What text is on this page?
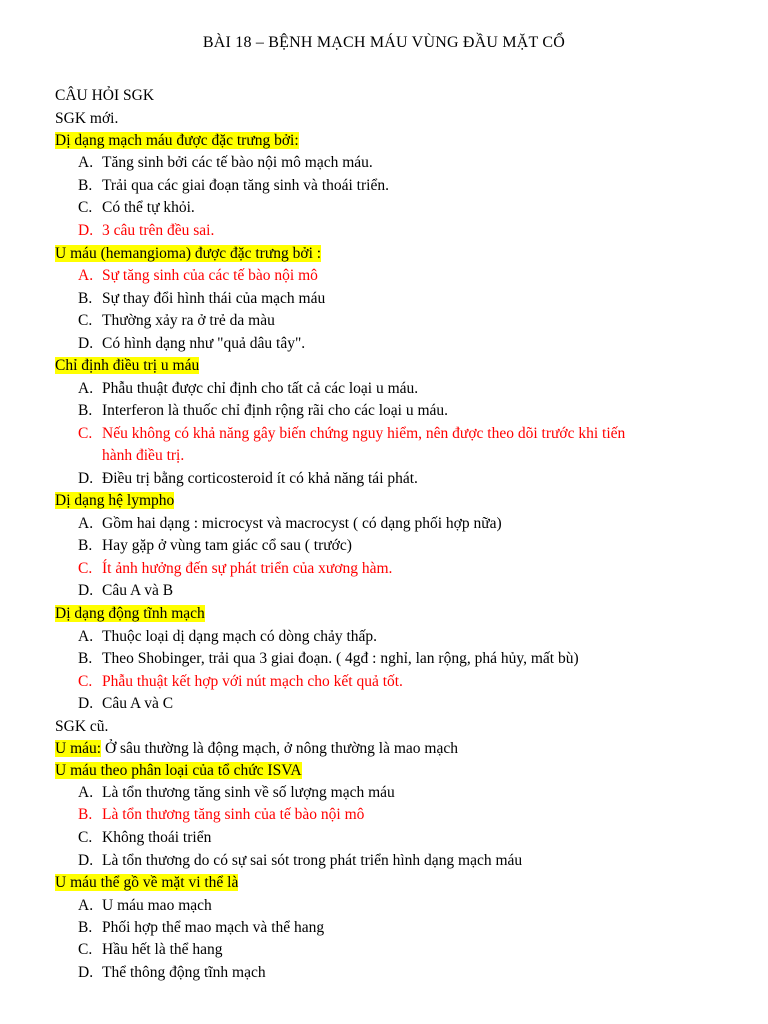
BÀI 18 – BỆNH MẠCH MÁU VÙNG ĐẦU MẶT CỔ
CÂU HỎI SGK
SGK mới.
Dị dạng mạch máu được đặc trưng bởi:
A. Tăng sinh bởi các tế bào nội mô mạch máu.
B. Trải qua các giai đoạn tăng sinh và thoái triển.
C. Có thể tự khỏi.
D. 3 câu trên đều sai.
U máu (hemangioma) được đặc trưng bởi :
A. Sự tăng sinh của các tế bào nội mô
B. Sự thay đổi hình thái của mạch máu
C. Thường xảy ra ở trẻ da màu
D. Có hình dạng như "quả dâu tây".
Chỉ định điều trị u máu
A. Phẫu thuật được chỉ định cho tất cả các loại u máu.
B. Interferon là thuốc chỉ định rộng rãi cho các loại u máu.
C. Nếu không có khả năng gây biến chứng nguy hiểm, nên được theo dõi trước khi tiến
hành điều trị.
D. Điều trị bằng corticosteroid ít có khả năng tái phát.
Dị dạng hệ lympho
A. Gồm hai dạng : microcyst và macrocyst ( có dạng phối hợp nữa)
B. Hay gặp ở vùng tam giác cổ sau ( trước)
C. Ít ảnh hưởng đến sự phát triển của xương hàm.
D. Câu A và B
Dị dạng động tĩnh mạch
A. Thuộc loại dị dạng mạch có dòng chảy thấp.
B. Theo Shobinger, trải qua 3 giai đoạn. ( 4gđ : nghỉ, lan rộng, phá hủy, mất bù)
C. Phẫu thuật kết hợp với nút mạch cho kết quả tốt.
D. Câu A và C
SGK cũ.
U máu: Ở sâu thường là động mạch, ở nông thường là mao mạch
U máu theo phân loại của tổ chức ISVA
A. Là tổn thương tăng sinh về số lượng mạch máu
B. Là tổn thương tăng sinh của tế bào nội mô
C. Không thoái triển
D. Là tổn thương do có sự sai sót trong phát triển hình dạng mạch máu
U máu thể gồ về mặt vi thể là
A. U máu mao mạch
B. Phối hợp thể mao mạch và thể hang
C. Hầu hết là thể hang
D. Thể thông động tĩnh mạch
